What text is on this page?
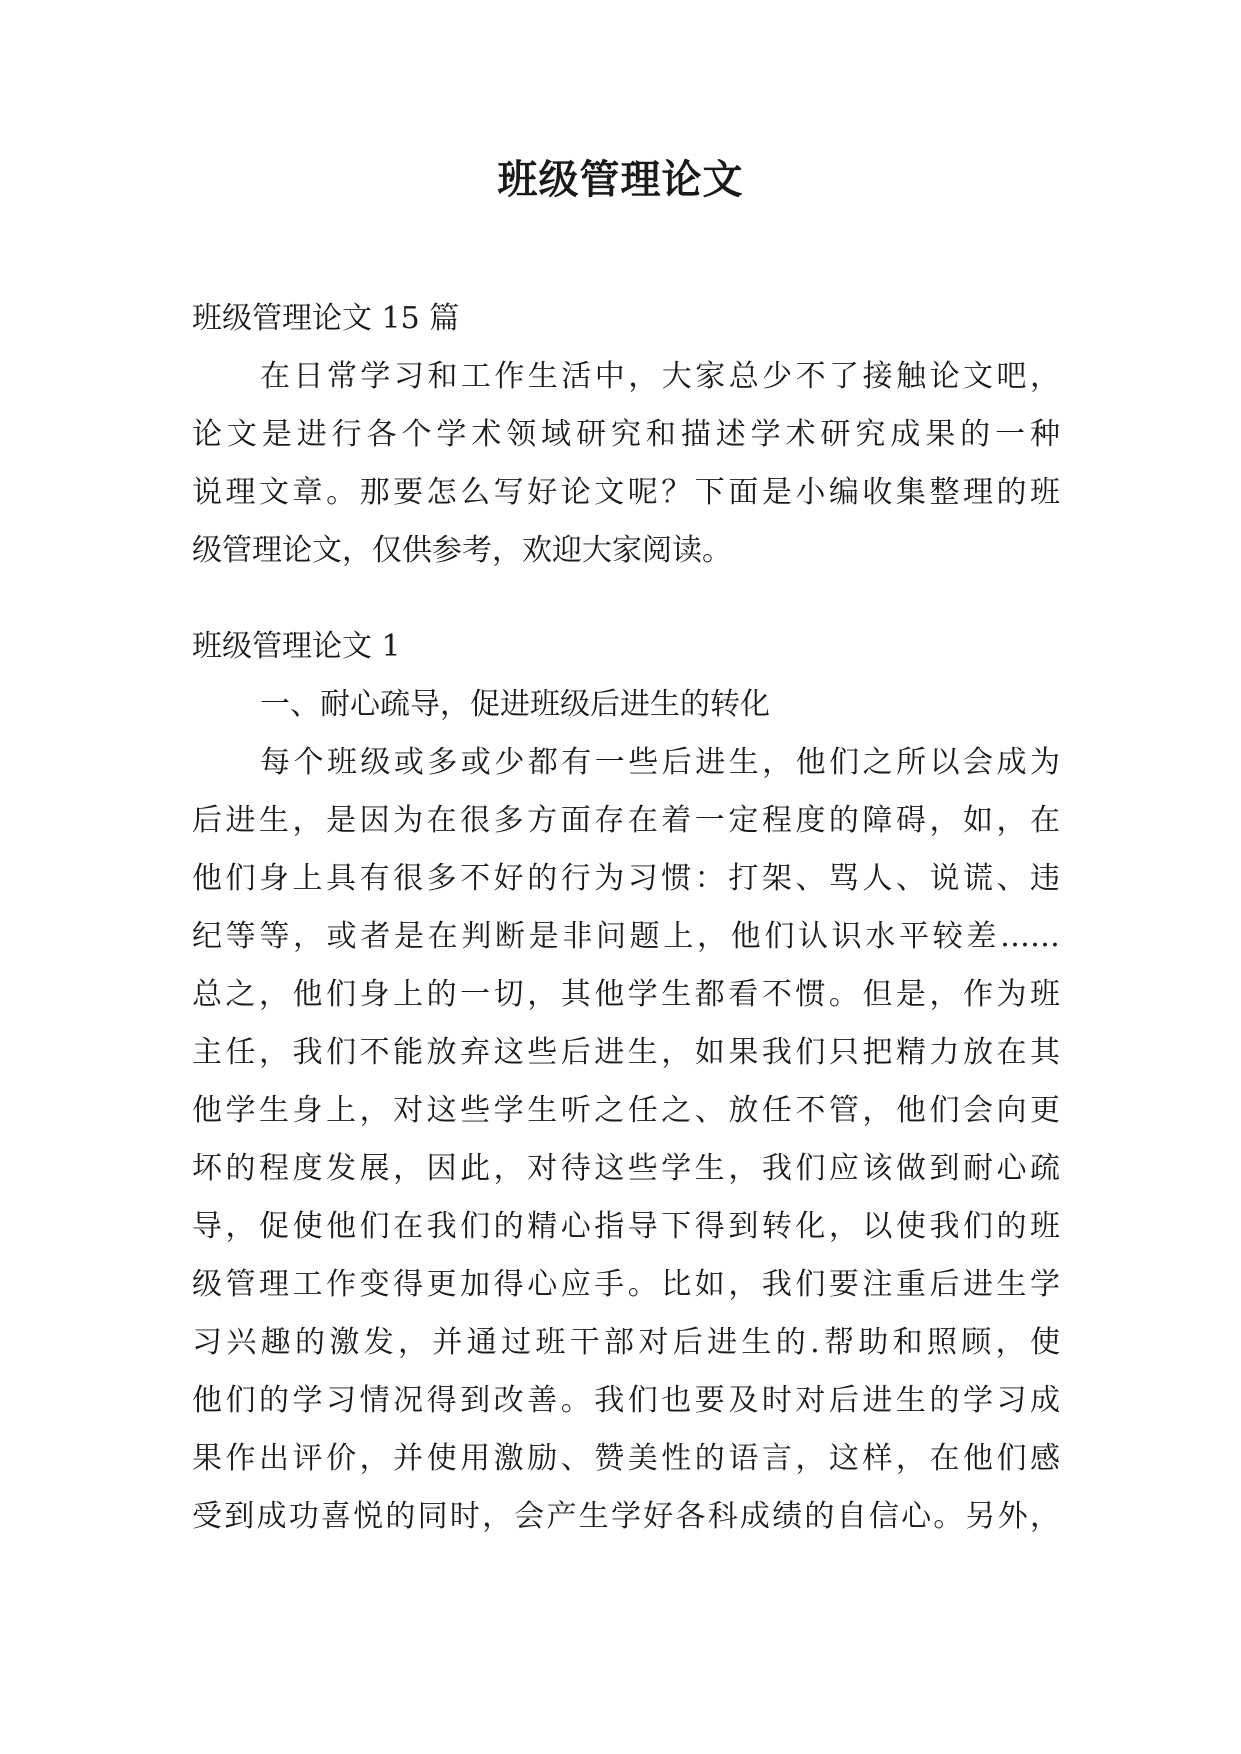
班级管理论文

班级管理论文 15 篇

在日常学习和工作生活中，大家总少不了接触论文吧，

论文是进行各个学术领域研究和描述学术研究成果的一种

说理文章。那要怎么写好论文呢？下面是小编收集整理的班

级管理论文，仅供参考，欢迎大家阅读。

班级管理论文 1

一、耐心疏导，促进班级后进生的转化

每个班级或多或少都有一些后进生，他们之所以会成为

后进生，是因为在很多方面存在着一定程度的障碍，如，在

他们身上具有很多不好的行为习惯：打架、骂人、说谎、违

纪等等，或者是在判断是非问题上，他们认识水平较差……

总之，他们身上的一切，其他学生都看不惯。但是，作为班

主任，我们不能放弃这些后进生，如果我们只把精力放在其

他学生身上，对这些学生听之任之、放任不管，他们会向更

坏的程度发展，因此，对待这些学生，我们应该做到耐心疏

导，促使他们在我们的精心指导下得到转化，以使我们的班

级管理工作变得更加得心应手。比如，我们要注重后进生学

习兴趣的激发，并通过班干部对后进生的.帮助和照顾，使

他们的学习情况得到改善。我们也要及时对后进生的学习成

果作出评价，并使用激励、赞美性的语言，这样，在他们感

受到成功喜悦的同时，会产生学好各科成绩的自信心。另外，
